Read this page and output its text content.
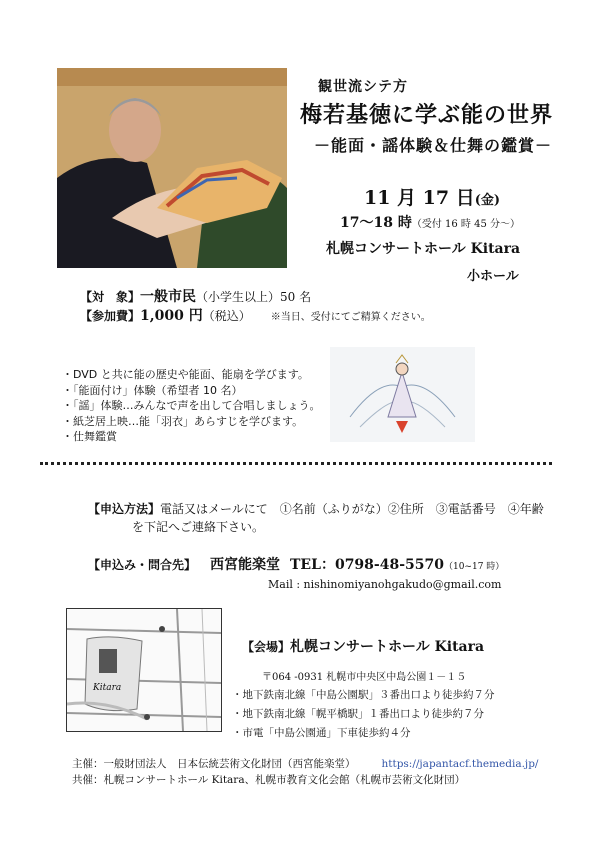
観世流シテ方
梅若基徳に学ぶ能の世界
－能面・謡体験＆仕舞の鑑賞－
11 月 17 日(金)
17～18 時（受付 16 時 45 分～）
札幌コンサートホール Kitara
小ホール
【対　象】一般市民（小学生以上）50 名
【参加費】1,000 円（税込） ※当日、受付にてご精算ください。
・DVD と共に能の歴史や能面、能扇を学びます。
・「能面付け」体験（希望者 10 名）
・「謡」体験…みんなで声を出して合唱しましょう。
・紙芝居上映…能「羽衣」あらすじを学びます。
・仕舞鑑賞
【申込方法】電話又はメールにて　①名前（ふりがな）②住所　③電話番号　④年齢
を下記へご連絡下さい。
【申込み・問合先】 西宮能楽堂 TEL：0798-48-5570（10~17 時）
Mail : nishinomiyanohgakudo@gmail.com
Kitara
【会場】札幌コンサートホール Kitara
〒064 -0931 札幌市中央区中島公園１－１５
・地下鉄南北線「中島公園駅」３番出口より徒歩約７分
・地下鉄南北線「幌平橋駅」１番出口より徒歩約７分
・市電「中島公園通」下車徒歩約４分
主催：一般財団法人　日本伝統芸術文化財団（西宮能楽堂） https://japantacf.themedia.jp/
共催：札幌コンサートホール Kitara、札幌市教育文化会館（札幌市芸術文化財団）
